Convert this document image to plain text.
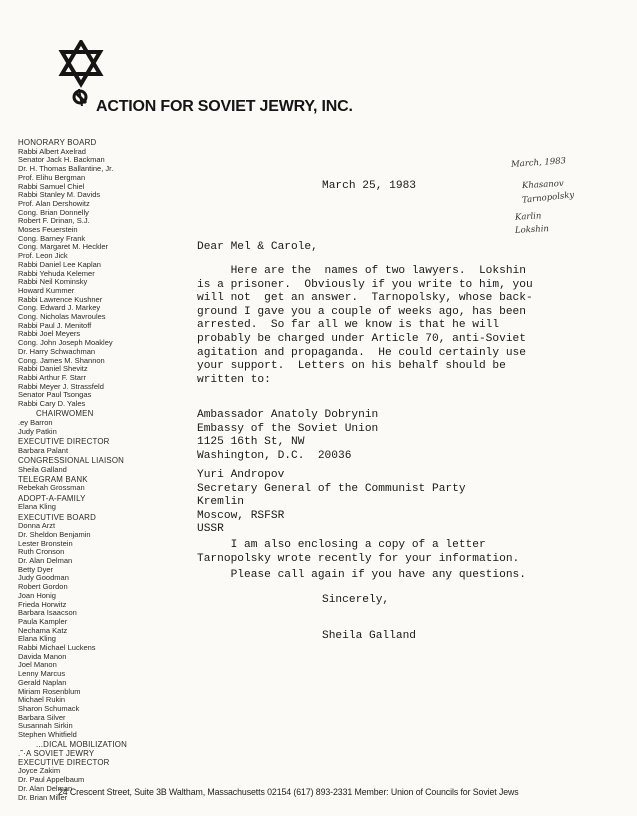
ACTION FOR SOVIET JEWRY, INC.
HONORARY BOARD
Rabbi Albert Axelrad
Senator Jack H. Backman
Dr. H. Thomas Ballantine, Jr.
Prof. Elihu Bergman
Rabbi Samuel Chiel
Rabbi Stanley M. Davids
Prof. Alan Dershowitz
Cong. Brian Donnelly
Robert F. Drinan, S.J.
Moses Feuerstein
Cong. Barney Frank
Cong. Margaret M. Heckler
Prof. Leon Jick
Rabbi Daniel Lee Kaplan
Rabbi Yehuda Kelemer
Rabbi Neil Kominsky
Howard Kummer
Rabbi Lawrence Kushner
Cong. Edward J. Markey
Cong. Nicholas Mavroules
Rabbi Paul J. Menitoff
Rabbi Joel Meyers
Cong. John Joseph Moakley
Dr. Harry Schwachman
Cong. James M. Shannon
Rabbi Daniel Shevitz
Rabbi Arthur F. Starr
Rabbi Meyer J. Strassfeld
Senator Paul Tsongas
Rabbi Cary D. Yales
CHAIRWOMEN
.ey Barron
Judy Patkin
EXECUTIVE DIRECTOR
Barbara Palant
CONGRESSIONAL LIAISON
Sheila Galland
TELEGRAM BANK
Rebekah Grossman
ADOPT-A-FAMILY
Elana Kling
EXECUTIVE BOARD
Donna Arzt
Dr. Sheldon Benjamin
Lester Bronstein
Ruth Cronson
Dr. Alan Delman
Betty Dyer
Judy Goodman
Robert Gordon
Joan Honig
Frieda Horwitz
Barbara Isaacson
Paula Kampler
Nechama Katz
Elana Kling
Rabbi Michael Luckens
Davida Manon
Joel Manon
Lenny Marcus
Gerald Naplan
Miriam Rosenblum
Michael Rukin
Sharon Schumack
Barbara Silver
Susannah Sirkin
Stephen Whitfield
...DICAL MOBILIZATION
.˜·A SOVIET JEWRY
EXECUTIVE DIRECTOR
Joyce Zakim
Dr. Paul Appelbaum
Dr. Alan Delman
Dr. Brian Miller
March, 1983
Khasanov
Tarnopolsky
Karlin
Lokshin

March 25, 1983

Dear Mel & Carole,

Here are the  names of two lawyers.  Lokshin
is a prisoner.  Obviously if you write to him, you
will not  get an answer.  Tarnopolsky, whose back-
ground I gave you a couple of weeks ago, has been
arrested.  So far all we know is that he will
probably be charged under Article 70, anti-Soviet
agitation and propaganda.  He could certainly use
your support.  Letters on his behalf should be
written to:

Ambassador Anatoly Dobrynin
Embassy of the Soviet Union
1125 16th St, NW
Washington, D.C.  20036

Yuri Andropov
Secretary General of the Communist Party
Kremlin
Moscow, RSFSR
USSR

I am also enclosing a copy of a letter
Tarnopolsky wrote recently for your information.

Please call again if you have any questions.

Sincerely,

Sheila Galland

24 Crescent Street, Suite 3B Waltham, Massachusetts 02154 (617) 893-2331 Member: Union of Councils for Soviet Jews
